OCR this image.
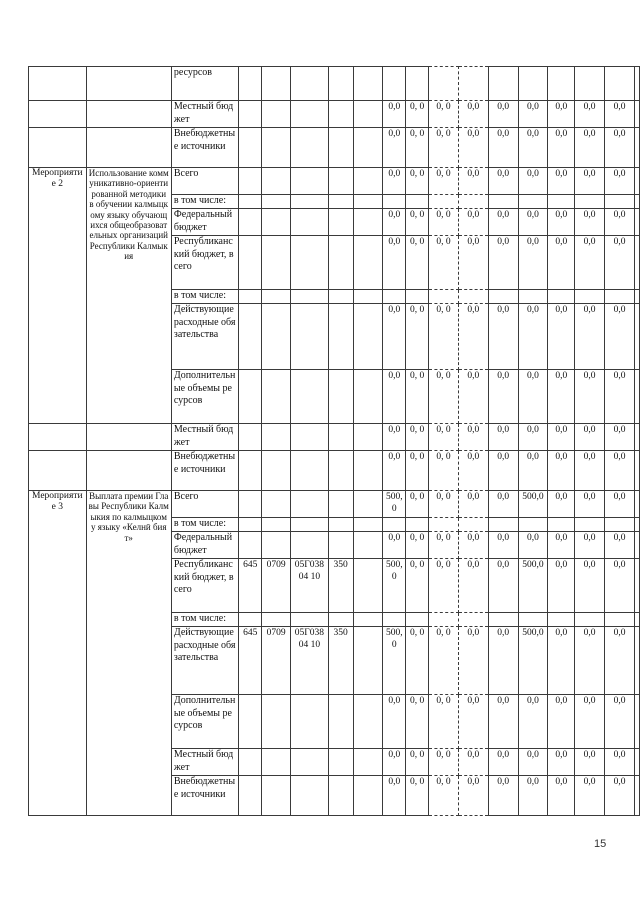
		ресурсов															
		Местный бюджет						0,0	0, 0	0, 0	0,0	0,0	0,0	0,0	0,0	0,0	
		Внебюджетные источники						0,0	0, 0	0, 0	0,0	0,0	0,0	0,0	0,0	0,0	
Мероприятие 2	Использование коммуникативно-ориентированной методики в обучении калмыцкому языку обучающихся общеобразовательных организаций Республики Калмыкия	Всего						0,0	0, 0	0, 0	0,0	0,0	0,0	0,0	0,0	0,0	
		в том числе:															
		Федеральный бюджет						0,0	0, 0	0, 0	0,0	0,0	0,0	0,0	0,0	0,0	
		Республиканский бюджет, всего						0,0	0, 0	0, 0	0,0	0,0	0,0	0,0	0,0	0,0	
		в том числе:															
		Действующие расходные обязательства						0,0	0, 0	0, 0	0,0	0,0	0,0	0,0	0,0	0,0	
		Дополнительные объемы ресурсов						0,0	0, 0	0, 0	0,0	0,0	0,0	0,0	0,0	0,0	
		Местный бюджет						0,0	0, 0	0, 0	0,0	0,0	0,0	0,0	0,0	0,0	
		Внебюджетные источники						0,0	0, 0	0, 0	0,0	0,0	0,0	0,0	0,0	0,0	
Мероприятие 3	Выплата премии Главы Республики Калмыкия по калмыцкому языку «Келнӣ бият»	Всего						500,0	0, 0	0, 0	0,0	0,0	500,0	0,0	0,0	0,0	
		в том числе:															
		Федеральный бюджет						0,0	0, 0	0, 0	0,0	0,0	0,0	0,0	0,0	0,0	
		Республиканский бюджет, всего	645	0709	05Г03804 10	350		500,0	0, 0	0, 0	0,0	0,0	500,0	0,0	0,0	0,0	
		в том числе:															
		Действующие расходные обязательства	645	0709	05Г03804 10	350		500,0	0, 0	0, 0	0,0	0,0	500,0	0,0	0,0	0,0	
		Дополнительные объемы ресурсов						0,0	0, 0	0, 0	0,0	0,0	0,0	0,0	0,0	0,0	
		Местный бюджет						0,0	0, 0	0, 0	0,0	0,0	0,0	0,0	0,0	0,0	
		Внебюджетные источники						0,0	0, 0	0, 0	0,0	0,0	0,0	0,0	0,0	0,0	
15
